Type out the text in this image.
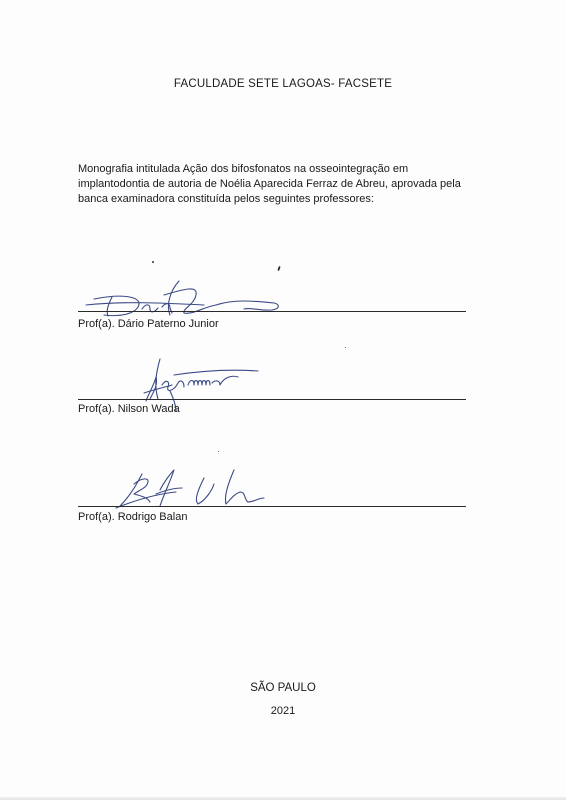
FACULDADE SETE LAGOAS- FACSETE
Monografia intitulada Ação dos bifosfonatos na osseointegração em implantodontia de autoria de Noélia Aparecida Ferraz de Abreu, aprovada pela banca examinadora constituída pelos seguintes professores:
Prof(a). Dário Paterno Junior
Prof(a). Nilson Wada
Prof(a). Rodrigo Balan
SÃO PAULO
2021
